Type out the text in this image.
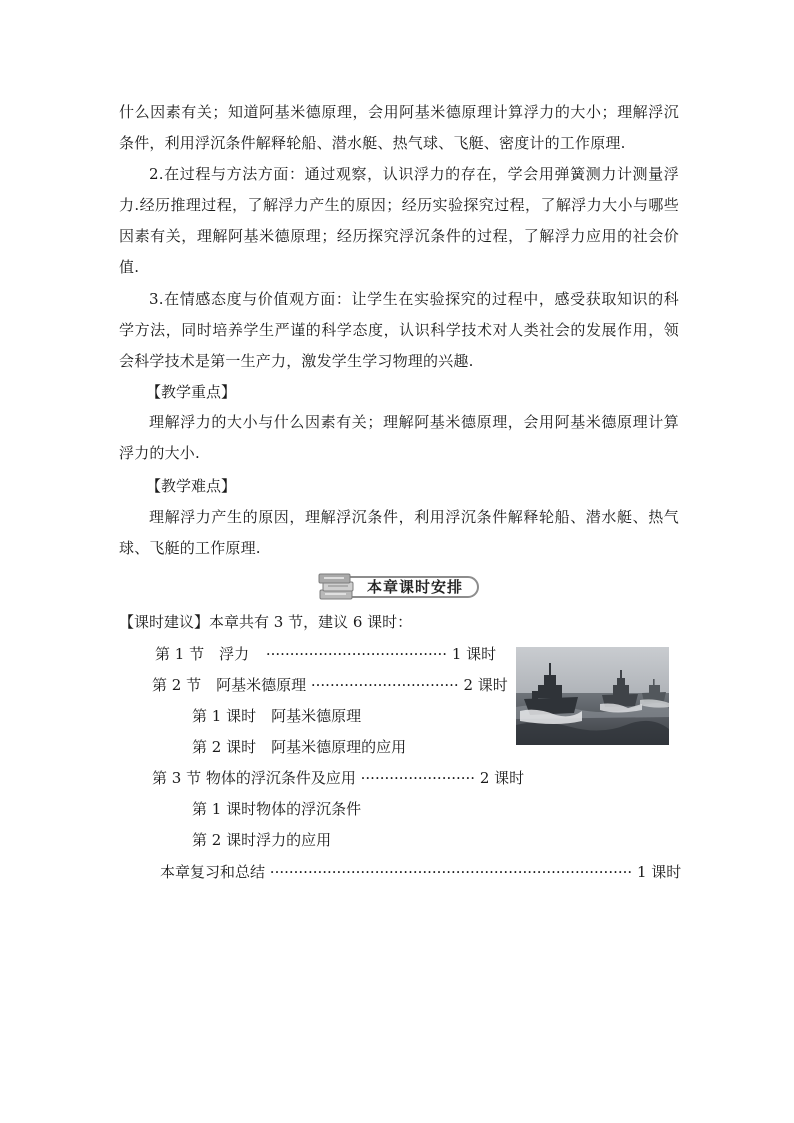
什么因素有关；知道阿基米德原理，会用阿基米德原理计算浮力的大小；理解浮沉条件，利用浮沉条件解释轮船、潜水艇、热气球、飞艇、密度计的工作原理.
2.在过程与方法方面：通过观察，认识浮力的存在，学会用弹簧测力计测量浮力.经历推理过程，了解浮力产生的原因；经历实验探究过程，了解浮力大小与哪些因素有关，理解阿基米德原理；经历探究浮沉条件的过程，了解浮力应用的社会价值.
3.在情感态度与价值观方面：让学生在实验探究的过程中，感受获取知识的科学方法，同时培养学生严谨的科学态度，认识科学技术对人类社会的发展作用，领会科学技术是第一生产力，激发学生学习物理的兴趣.
【教学重点】
理解浮力的大小与什么因素有关；理解阿基米德原理，会用阿基米德原理计算浮力的大小.
【教学难点】
理解浮力产生的原因，理解浮沉条件，利用浮沉条件解释轮船、潜水艇、热气球、飞艇的工作原理.
本章课时安排
【课时建议】本章共有 3 节，建议 6 课时：
第 1 节　浮力 ······································ 1 课时
第 2 节　阿基米德原理 ······························· 2 课时
第 1 课时　阿基米德原理
第 2 课时　阿基米德原理的应用
第 3 节 物体的浮沉条件及应用 ························ 2 课时
第 1 课时物体的浮沉条件
第 2 课时浮力的应用
本章复习和总结 ············································································ 1 课时
